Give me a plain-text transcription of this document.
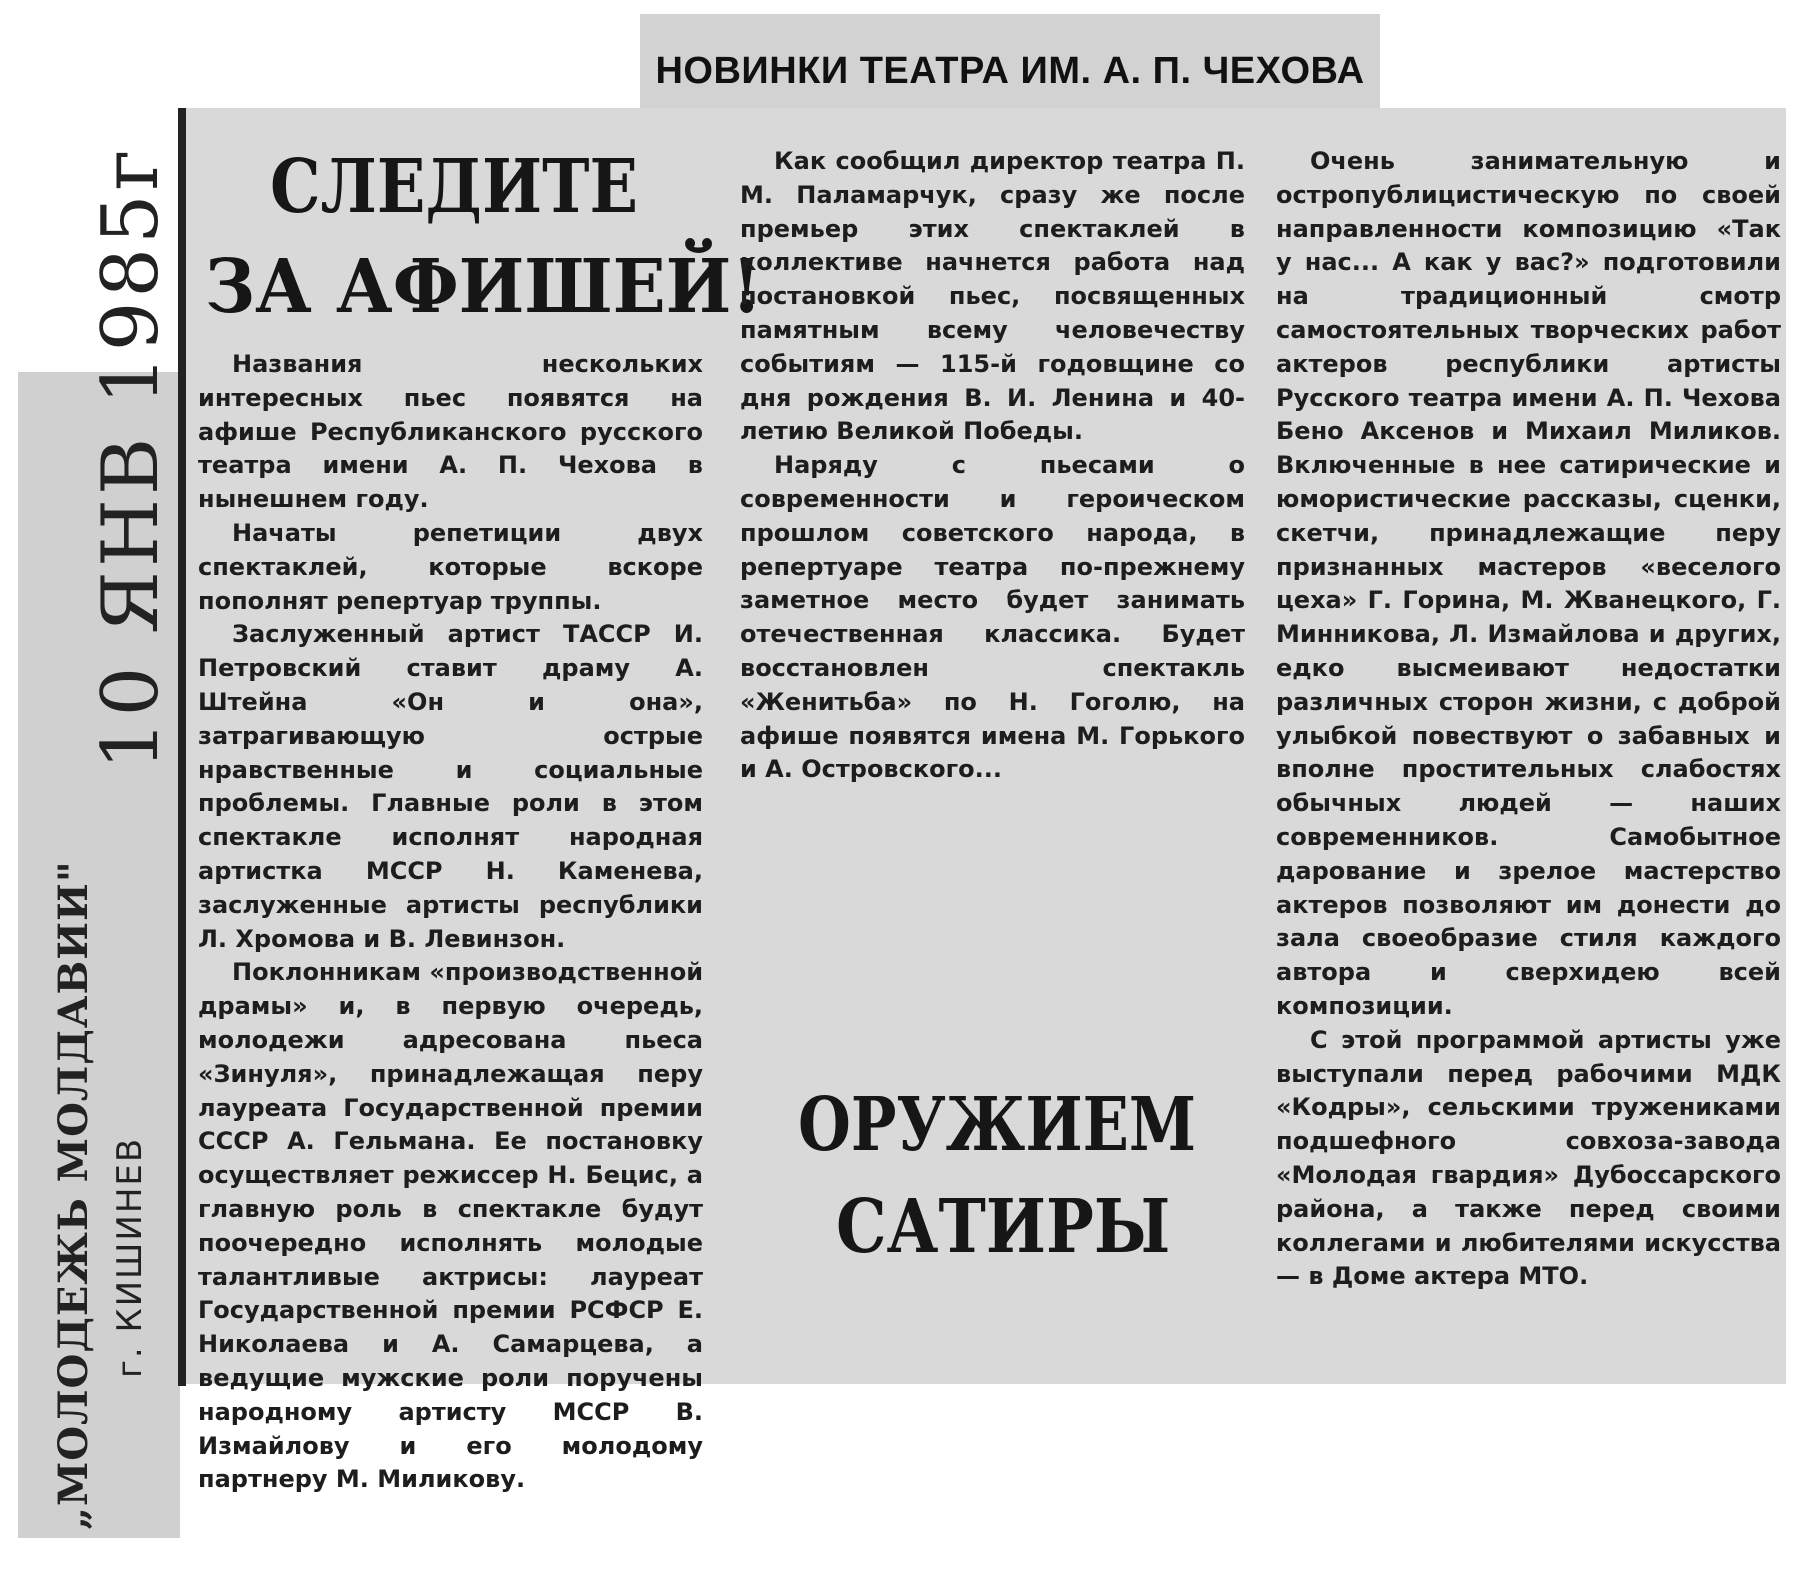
НОВИНКИ ТЕАТРА ИМ. А. П. ЧЕХОВА
СЛЕДИТЕ
ЗА АФИШЕЙ!

Названия нескольких интересных пьес появятся на афише Республиканского русского театра имени А. П. Чехова в нынешнем году.

Начаты репетиции двух спектаклей, которые вскоре пополнят репертуар труппы.

Заслуженный артист ТАССР И. Петровский ставит драму А. Штейна «Он и она», затрагивающую острые нравственные и социальные проблемы. Главные роли в этом спектакле исполнят народная артистка МССР Н. Каменева, заслуженные артисты республики Л. Хромова и В. Левинзон.

Поклонникам «производственной драмы» и, в первую очередь, молодежи адресована пьеса «Зинуля», принадлежащая перу лауреата Государственной премии СССР А. Гельмана. Ее постановку осуществляет режиссер Н. Бецис, а главную роль в спектакле будут поочередно исполнять молодые талантливые актрисы: лауреат Государственной премии РСФСР Е. Николаева и А. Самарцева, а ведущие мужские роли поручены народному артисту МССР В. Измайлову и его молодому партнеру М. Миликову.

Как сообщил директор театра П. М. Паламарчук, сразу же после премьер этих спектаклей в коллективе начнется работа над постановкой пьес, посвященных памятным всему человечеству событиям — 115-й годовщине со дня рождения В. И. Ленина и 40-летию Великой Победы.

Наряду с пьесами о современности и героическом прошлом советского народа, в репертуаре театра по-прежнему заметное место будет занимать отечественная классика. Будет восстановлен спектакль «Женитьба» по Н. Гоголю, на афише появятся имена М. Горького и А. Островского...

ОРУЖИЕМ
САТИРЫ

Очень занимательную и остропублицистическую по своей направленности композицию «Так у нас... А как у вас?» подготовили на традиционный смотр самостоятельных творческих работ актеров республики артисты Русского театра имени А. П. Чехова Бено Аксенов и Михаил Миликов. Включенные в нее сатирические и юмористические рассказы, сценки, скетчи, принадлежащие перу признанных мастеров «веселого цеха» Г. Горина, М. Жванецкого, Г. Минникова, Л. Измайлова и других, едко высмеивают недостатки различных сторон жизни, с доброй улыбкой повествуют о забавных и вполне простительных слабостях обычных людей — наших современников. Самобытное дарование и зрелое мастерство актеров позволяют им донести до зала своеобразие стиля каждого автора и сверхидею всей композиции.

С этой программой артисты уже выступали перед рабочими МДК «Кодры», сельскими тружениками подшефного совхоза-завода «Молодая гвардия» Дубоссарского района, а также перед своими коллегами и любителями искусства — в Доме актера МТО.

10 ЯНВ 1985г
„МОЛОДЕЖЬ МОЛДАВИИ" г. КИШИНЕВ
